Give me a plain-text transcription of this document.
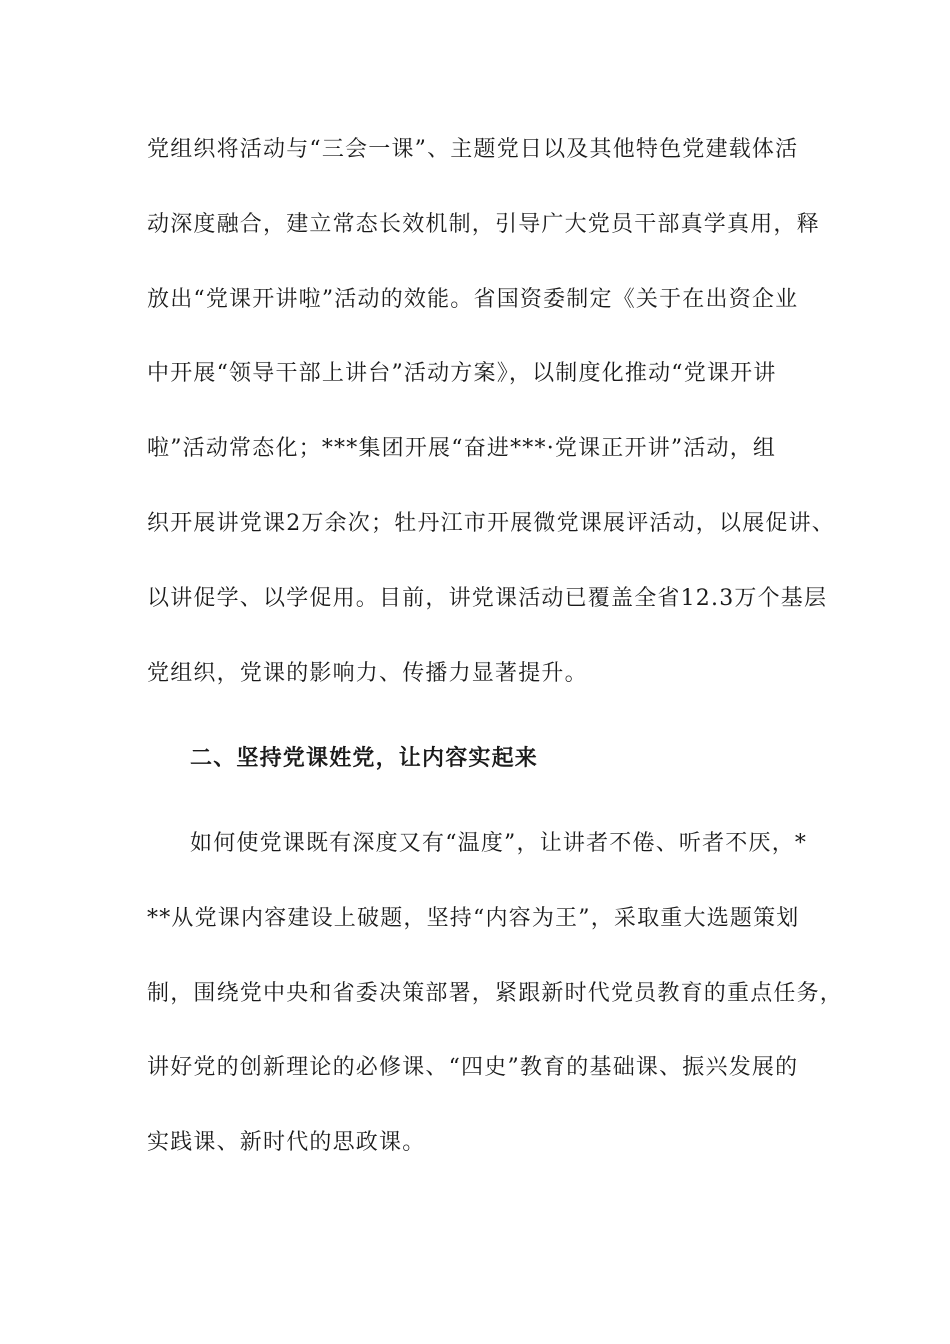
党组织将活动与“三会一课”、主题党日以及其他特色党建载体活
动深度融合，建立常态长效机制，引导广大党员干部真学真用，释
放出“党课开讲啦”活动的效能。省国资委制定《关于在出资企业
中开展“领导干部上讲台”活动方案》，以制度化推动“党课开讲
啦”活动常态化；***集团开展“奋进***·党课正开讲”活动，组
织开展讲党课2万余次；牡丹江市开展微党课展评活动，以展促讲、
以讲促学、以学促用。目前，讲党课活动已覆盖全省12.3万个基层
党组织，党课的影响力、传播力显著提升。
二、坚持党课姓党，让内容实起来
如何使党课既有深度又有“温度”，让讲者不倦、听者不厌，*
**从党课内容建设上破题，坚持“内容为王”，采取重大选题策划
制，围绕党中央和省委决策部署，紧跟新时代党员教育的重点任务，
讲好党的创新理论的必修课、“四史”教育的基础课、振兴发展的
实践课、新时代的思政课。
